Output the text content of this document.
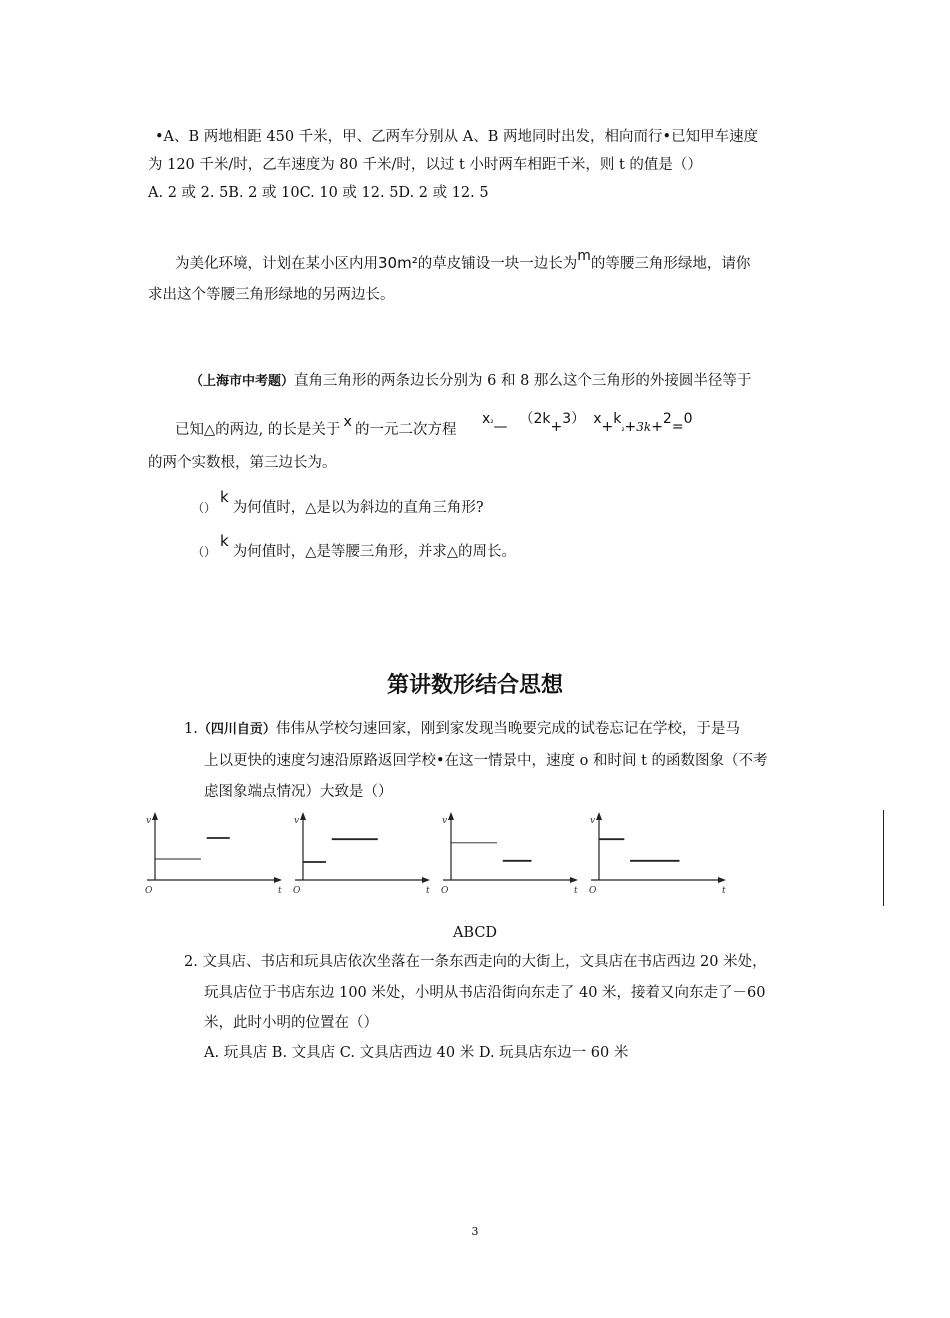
•A、B 两地相距 450 千米，甲、乙两车分别从 A、B 两地同时出发，相向而行•已知甲车速度
为 120 千米/时，乙车速度为 80 千米/时，以过 t 小时两车相距千米，则 t 的值是（）
A. 2 或 2. 5B. 2 或 10C. 10 或 12. 5D. 2 或 12. 5
为美化环境，计划在某小区内用30m²的草皮铺设一块一边长为m的等腰三角形绿地，请你
求出这个等腰三角形绿地的另两边长。
（上海市中考题）直角三角形的两条边长分别为 6 和 8 那么这个三角形的外接圆半径等于
已知△的两边, 的长是关于 x 的一元二次方程
x₂— （2k+3） $x+k_{_2}+3k+2=0$
的两个实数根，第三边长为。
（）k为何值时，△是以为斜边的直角三角形?
（）k为何值时，△是等腰三角形，并求△的周长。
第讲数形结合思想
1.（四川自贡）伟伟从学校匀速回家，刚到家发现当晚要完成的试卷忘记在学校，于是马
上以更快的速度匀速沿原路返回学校•在这一情景中，速度 o 和时间 t 的函数图象（不考
虑图象端点情况）大致是（）
v
t
O
v
t
O
v
t
O
v
t
O
ABCD
2. 文具店、书店和玩具店依次坐落在一条东西走向的大街上，文具店在书店西边 20 米处，
玩具店位于书店东边 100 米处，小明从书店沿街向东走了 40 米，接着又向东走了－60
米，此时小明的位置在（）
A. 玩具店 B. 文具店 C. 文具店西边 40 米 D. 玩具店东边一 60 米
3
